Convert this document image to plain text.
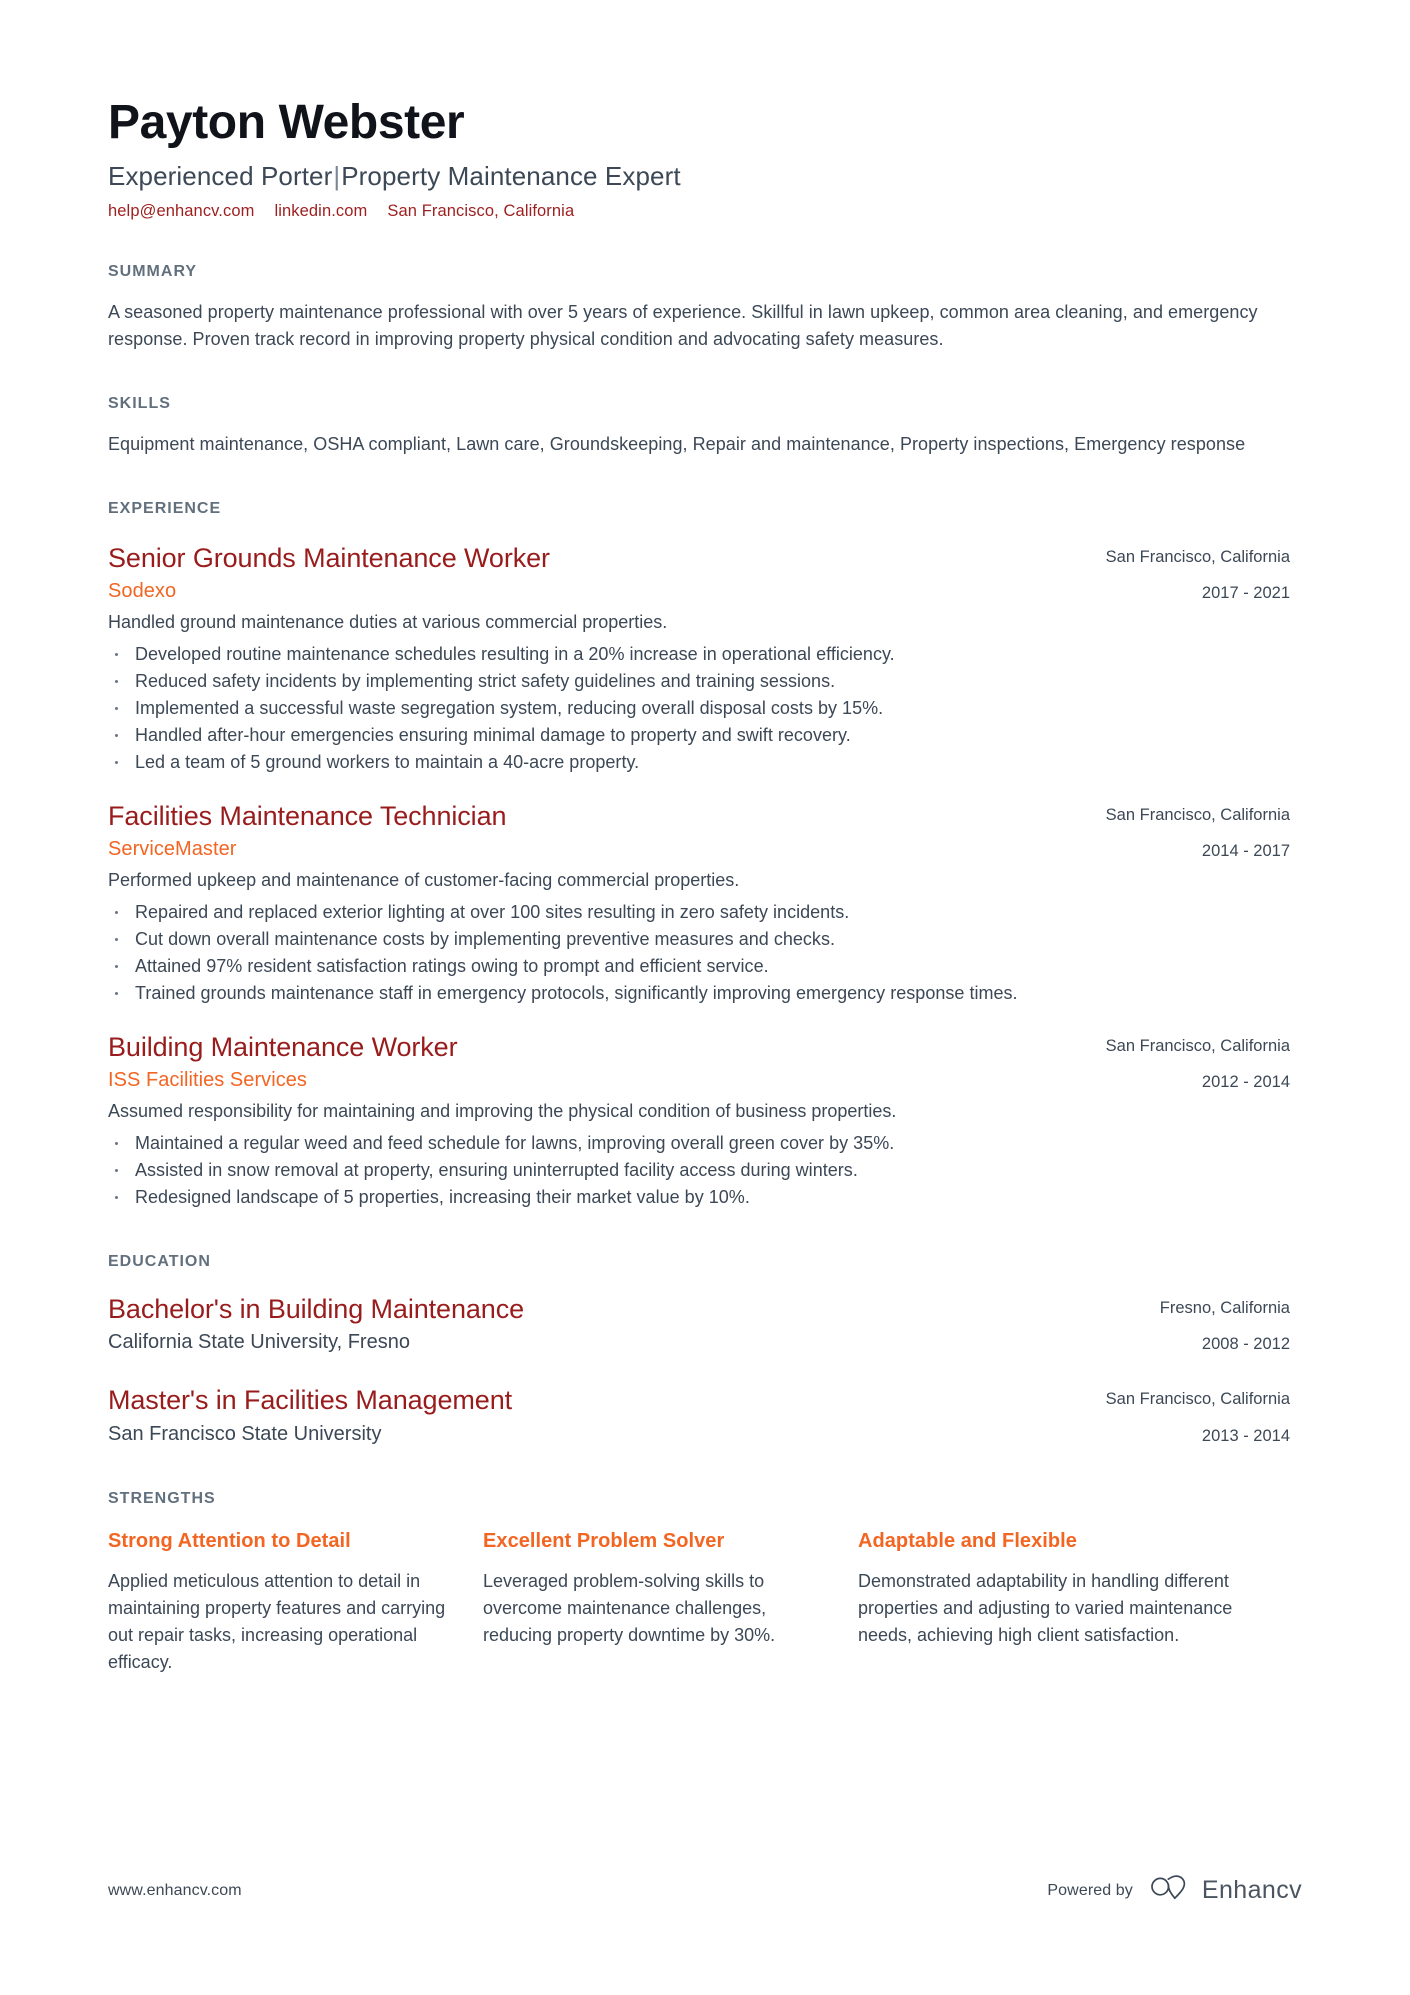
Payton Webster
Experienced Porter|Property Maintenance Expert
help@enhancv.com linkedin.com San Francisco, California
SUMMARY
A seasoned property maintenance professional with over 5 years of experience. Skillful in lawn upkeep, common area cleaning, and emergency response. Proven track record in improving property physical condition and advocating safety measures.
SKILLS
Equipment maintenance, OSHA compliant, Lawn care, Groundskeeping, Repair and maintenance, Property inspections, Emergency response
EXPERIENCE
Senior Grounds Maintenance Worker
Sodexo
San Francisco, California
2017 - 2021
Handled ground maintenance duties at various commercial properties.
Developed routine maintenance schedules resulting in a 20% increase in operational efficiency.
Reduced safety incidents by implementing strict safety guidelines and training sessions.
Implemented a successful waste segregation system, reducing overall disposal costs by 15%.
Handled after-hour emergencies ensuring minimal damage to property and swift recovery.
Led a team of 5 ground workers to maintain a 40-acre property.
Facilities Maintenance Technician
ServiceMaster
San Francisco, California
2014 - 2017
Performed upkeep and maintenance of customer-facing commercial properties.
Repaired and replaced exterior lighting at over 100 sites resulting in zero safety incidents.
Cut down overall maintenance costs by implementing preventive measures and checks.
Attained 97% resident satisfaction ratings owing to prompt and efficient service.
Trained grounds maintenance staff in emergency protocols, significantly improving emergency response times.
Building Maintenance Worker
ISS Facilities Services
San Francisco, California
2012 - 2014
Assumed responsibility for maintaining and improving the physical condition of business properties.
Maintained a regular weed and feed schedule for lawns, improving overall green cover by 35%.
Assisted in snow removal at property, ensuring uninterrupted facility access during winters.
Redesigned landscape of 5 properties, increasing their market value by 10%.
EDUCATION
Bachelor's in Building Maintenance
California State University, Fresno
Fresno, California
2008 - 2012
Master's in Facilities Management
San Francisco State University
San Francisco, California
2013 - 2014
STRENGTHS
Strong Attention to Detail
Applied meticulous attention to detail in maintaining property features and carrying out repair tasks, increasing operational efficacy.
Excellent Problem Solver
Leveraged problem-solving skills to overcome maintenance challenges, reducing property downtime by 30%.
Adaptable and Flexible
Demonstrated adaptability in handling different properties and adjusting to varied maintenance needs, achieving high client satisfaction.
www.enhancv.com	Powered by	Enhancv
